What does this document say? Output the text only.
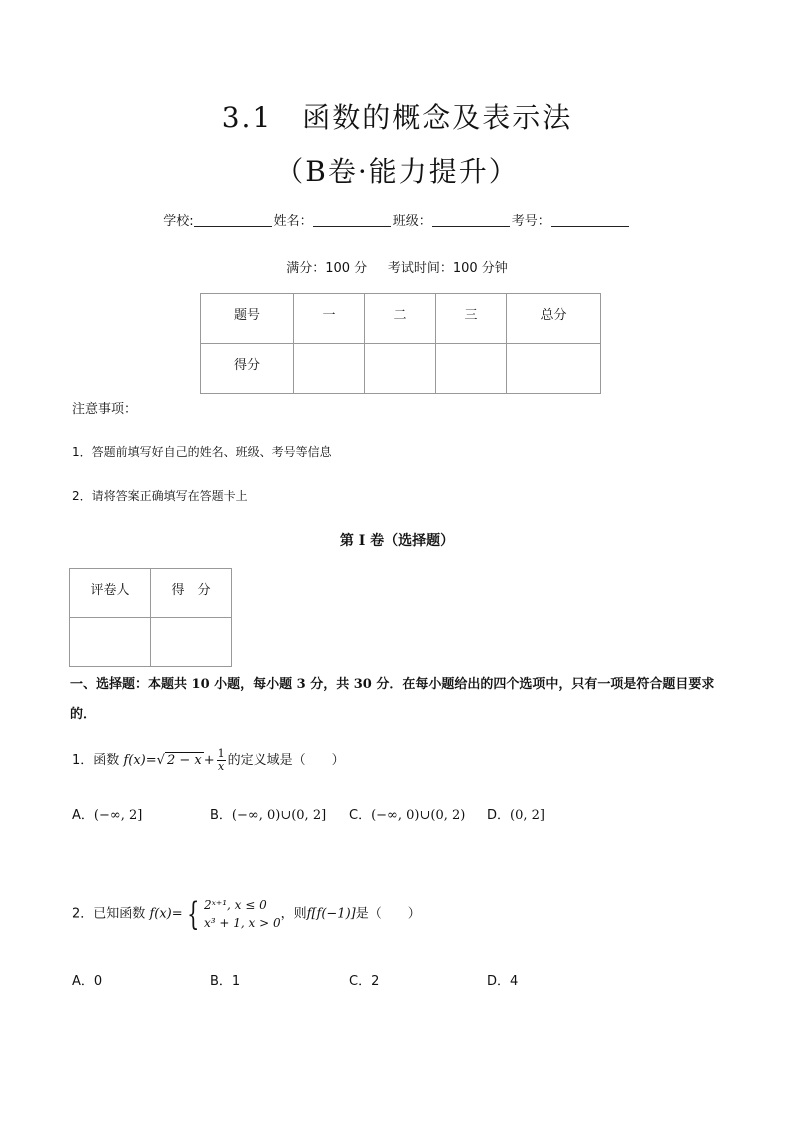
3.1　函数的概念及表示法
（B卷·能力提升）
学校:	姓名：	班级：	考号：
满分：100 分     考试时间：100 分钟
题号	一	二	三	总分
得分				
注意事项：
1．答题前填写好自己的姓名、班级、考号等信息
2．请将答案正确填写在答题卡上
第 I 卷（选择题）
评卷人	得　分

一、选择题：本题共 10 小题，每小题 3 分，共 30 分．在每小题给出的四个选项中，只有一项是符合题目要求的．
1．函数 f(x)=√ $2 - x + \frac{1}{x}$ 的定义域是（　　）
A．(−∞, 2]	B．(−∞, 0)∪(0, 2] C．(−∞, 0)∪(0, 2) D．(0, 2]
2．已知函数 f(x)= { 2ˣ⁺¹, x ≤ 0
x³ + 1, x > 0
，则f[f(−1)]是（　　）
A．0	B．1	C．2	D．4
